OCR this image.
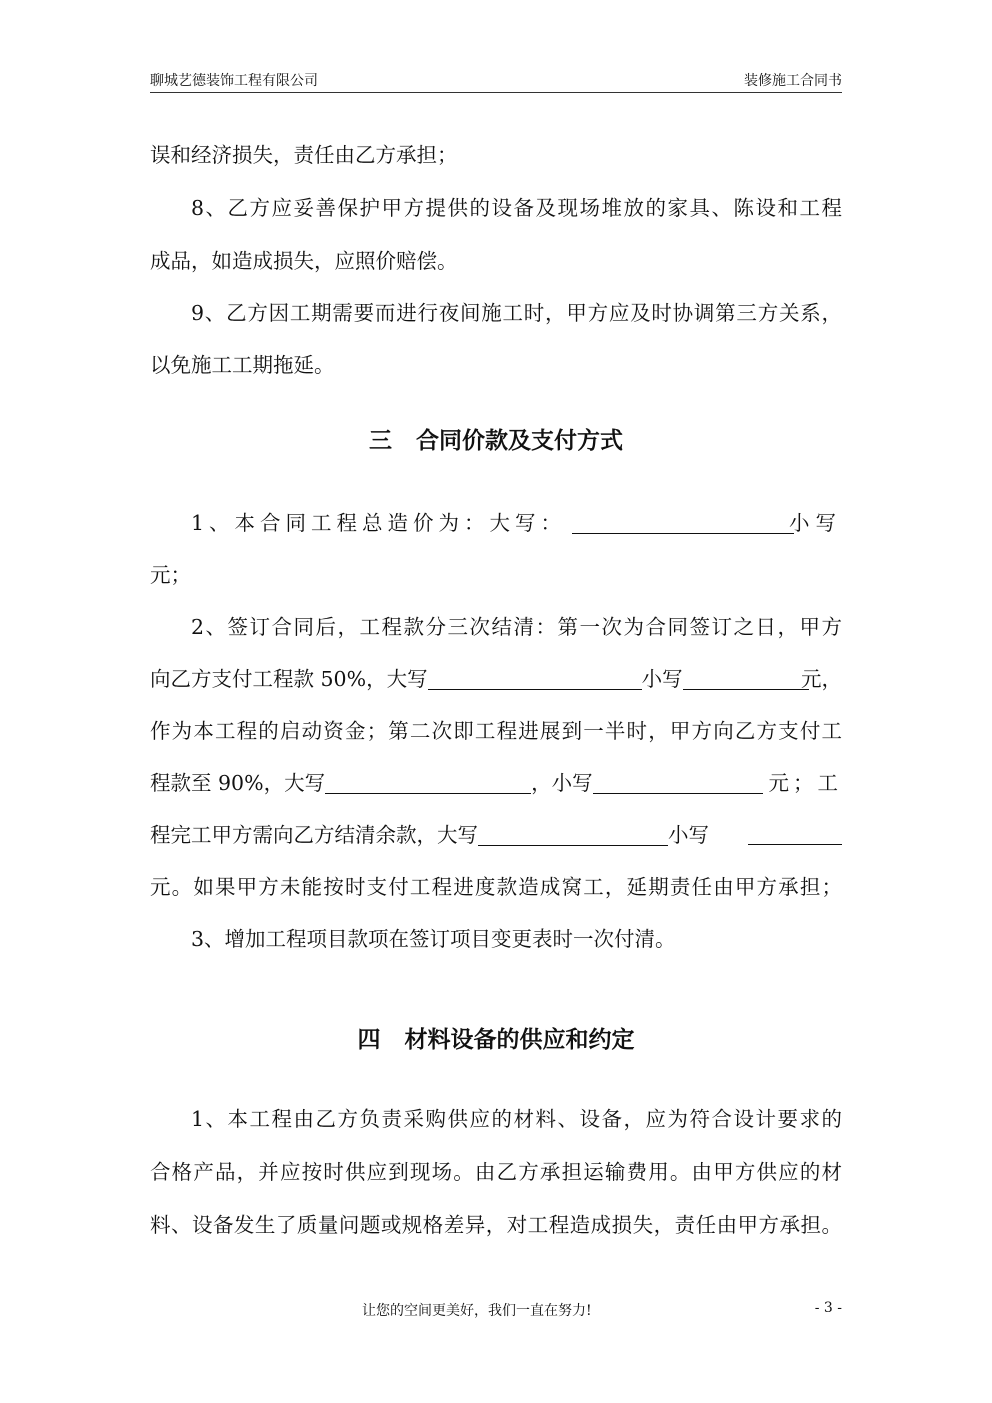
聊城艺德装饰工程有限公司	装修施工合同书
误和经济损失，责任由乙方承担；
8、乙方应妥善保护甲方提供的设备及现场堆放的家具、陈设和工程
成品，如造成损失，应照价赔偿。
9、乙方因工期需要而进行夜间施工时，甲方应及时协调第三方关系，
以免施工工期拖延。
三 合同价款及支付方式
1、本合同工程总造价为：大写：	小写
元；
2、签订合同后，工程款分三次结清：第一次为合同签订之日，甲方
向乙方支付工程款 50%，大写	小写	元，
作为本工程的启动资金；第二次即工程进展到一半时，甲方向乙方支付工
程款至 90%，大写	，小写	元；工
程完工甲方需向乙方结清余款，大写	小写
元。如果甲方未能按时支付工程进度款造成窝工，延期责任由甲方承担；
3、增加工程项目款项在签订项目变更表时一次付清。
四 材料设备的供应和约定
1、本工程由乙方负责采购供应的材料、设备，应为符合设计要求的
合格产品，并应按时供应到现场。由乙方承担运输费用。由甲方供应的材
料、设备发生了质量问题或规格差异，对工程造成损失，责任由甲方承担。
让您的空间更美好，我们一直在努力!	- 3 -
